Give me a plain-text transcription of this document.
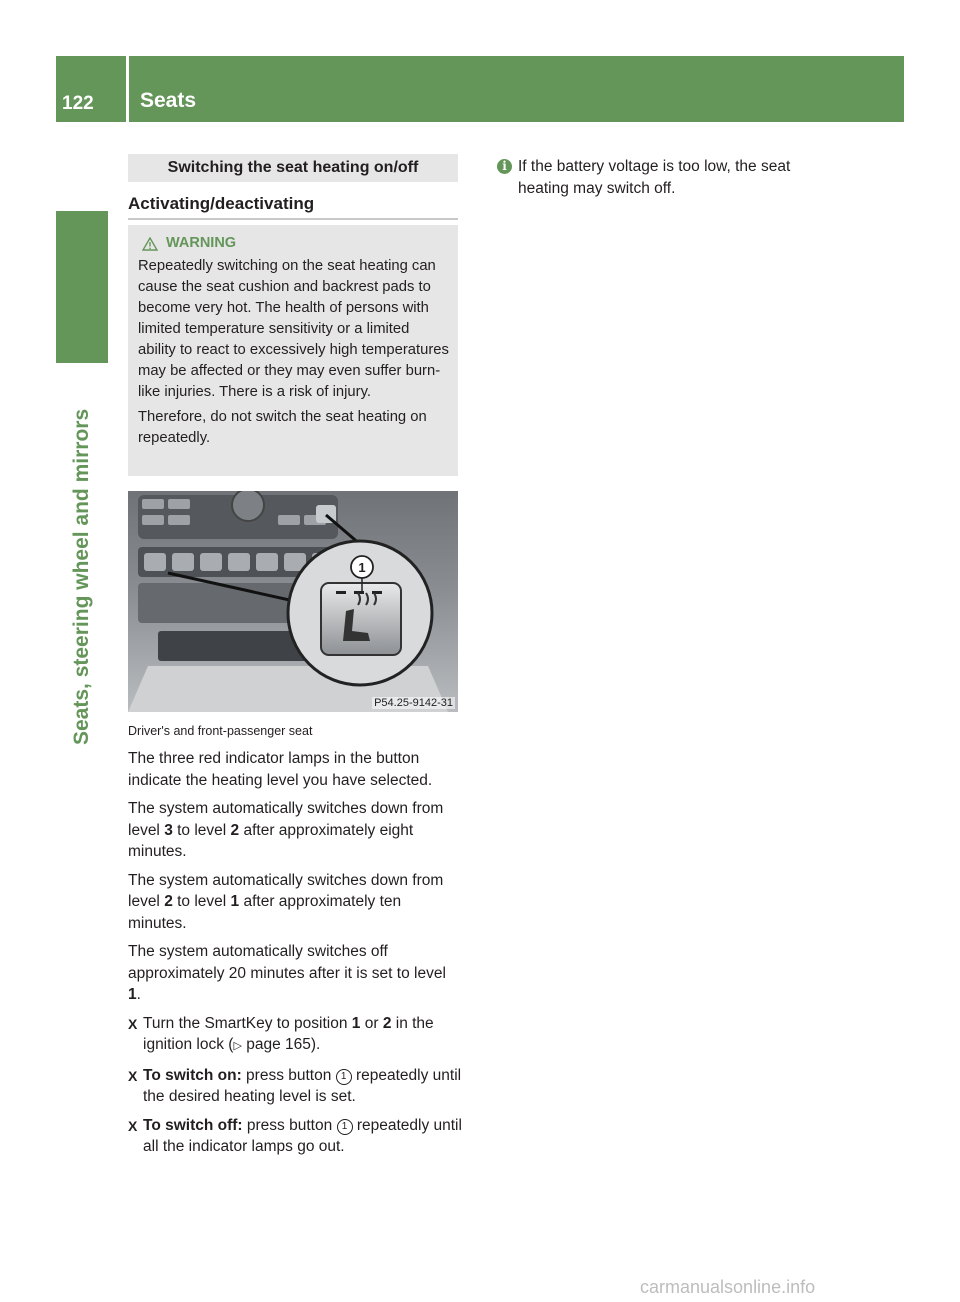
122	Seats
Seats, steering wheel and mirrors
Switching the seat heating on/off
Activating/deactivating
WARNING

Repeatedly switching on the seat heating can cause the seat cushion and backrest pads to become very hot. The health of persons with limited temperature sensitivity or a limited ability to react to excessively high temperatures may be affected or they may even suffer burn-like injuries. There is a risk of injury.

Therefore, do not switch the seat heating on repeatedly.

1
P54.25-9142-31
Driver's and front-passenger seat

The three red indicator lamps in the button indicate the heating level you have selected.

The system automatically switches down from level 3 to level 2 after approximately eight minutes.

The system automatically switches down from level 2 to level 1 after approximately ten minutes.

The system automatically switches off approximately 20 minutes after it is set to level 1.

X Turn the SmartKey to position 1 or 2 in the ignition lock (▷ page 165).
X To switch on: press button 1 repeatedly until the desired heating level is set.
X To switch off: press button 1 repeatedly until all the indicator lamps go out.
i If the battery voltage is too low, the seat heating may switch off.
carmanualsonline.info
